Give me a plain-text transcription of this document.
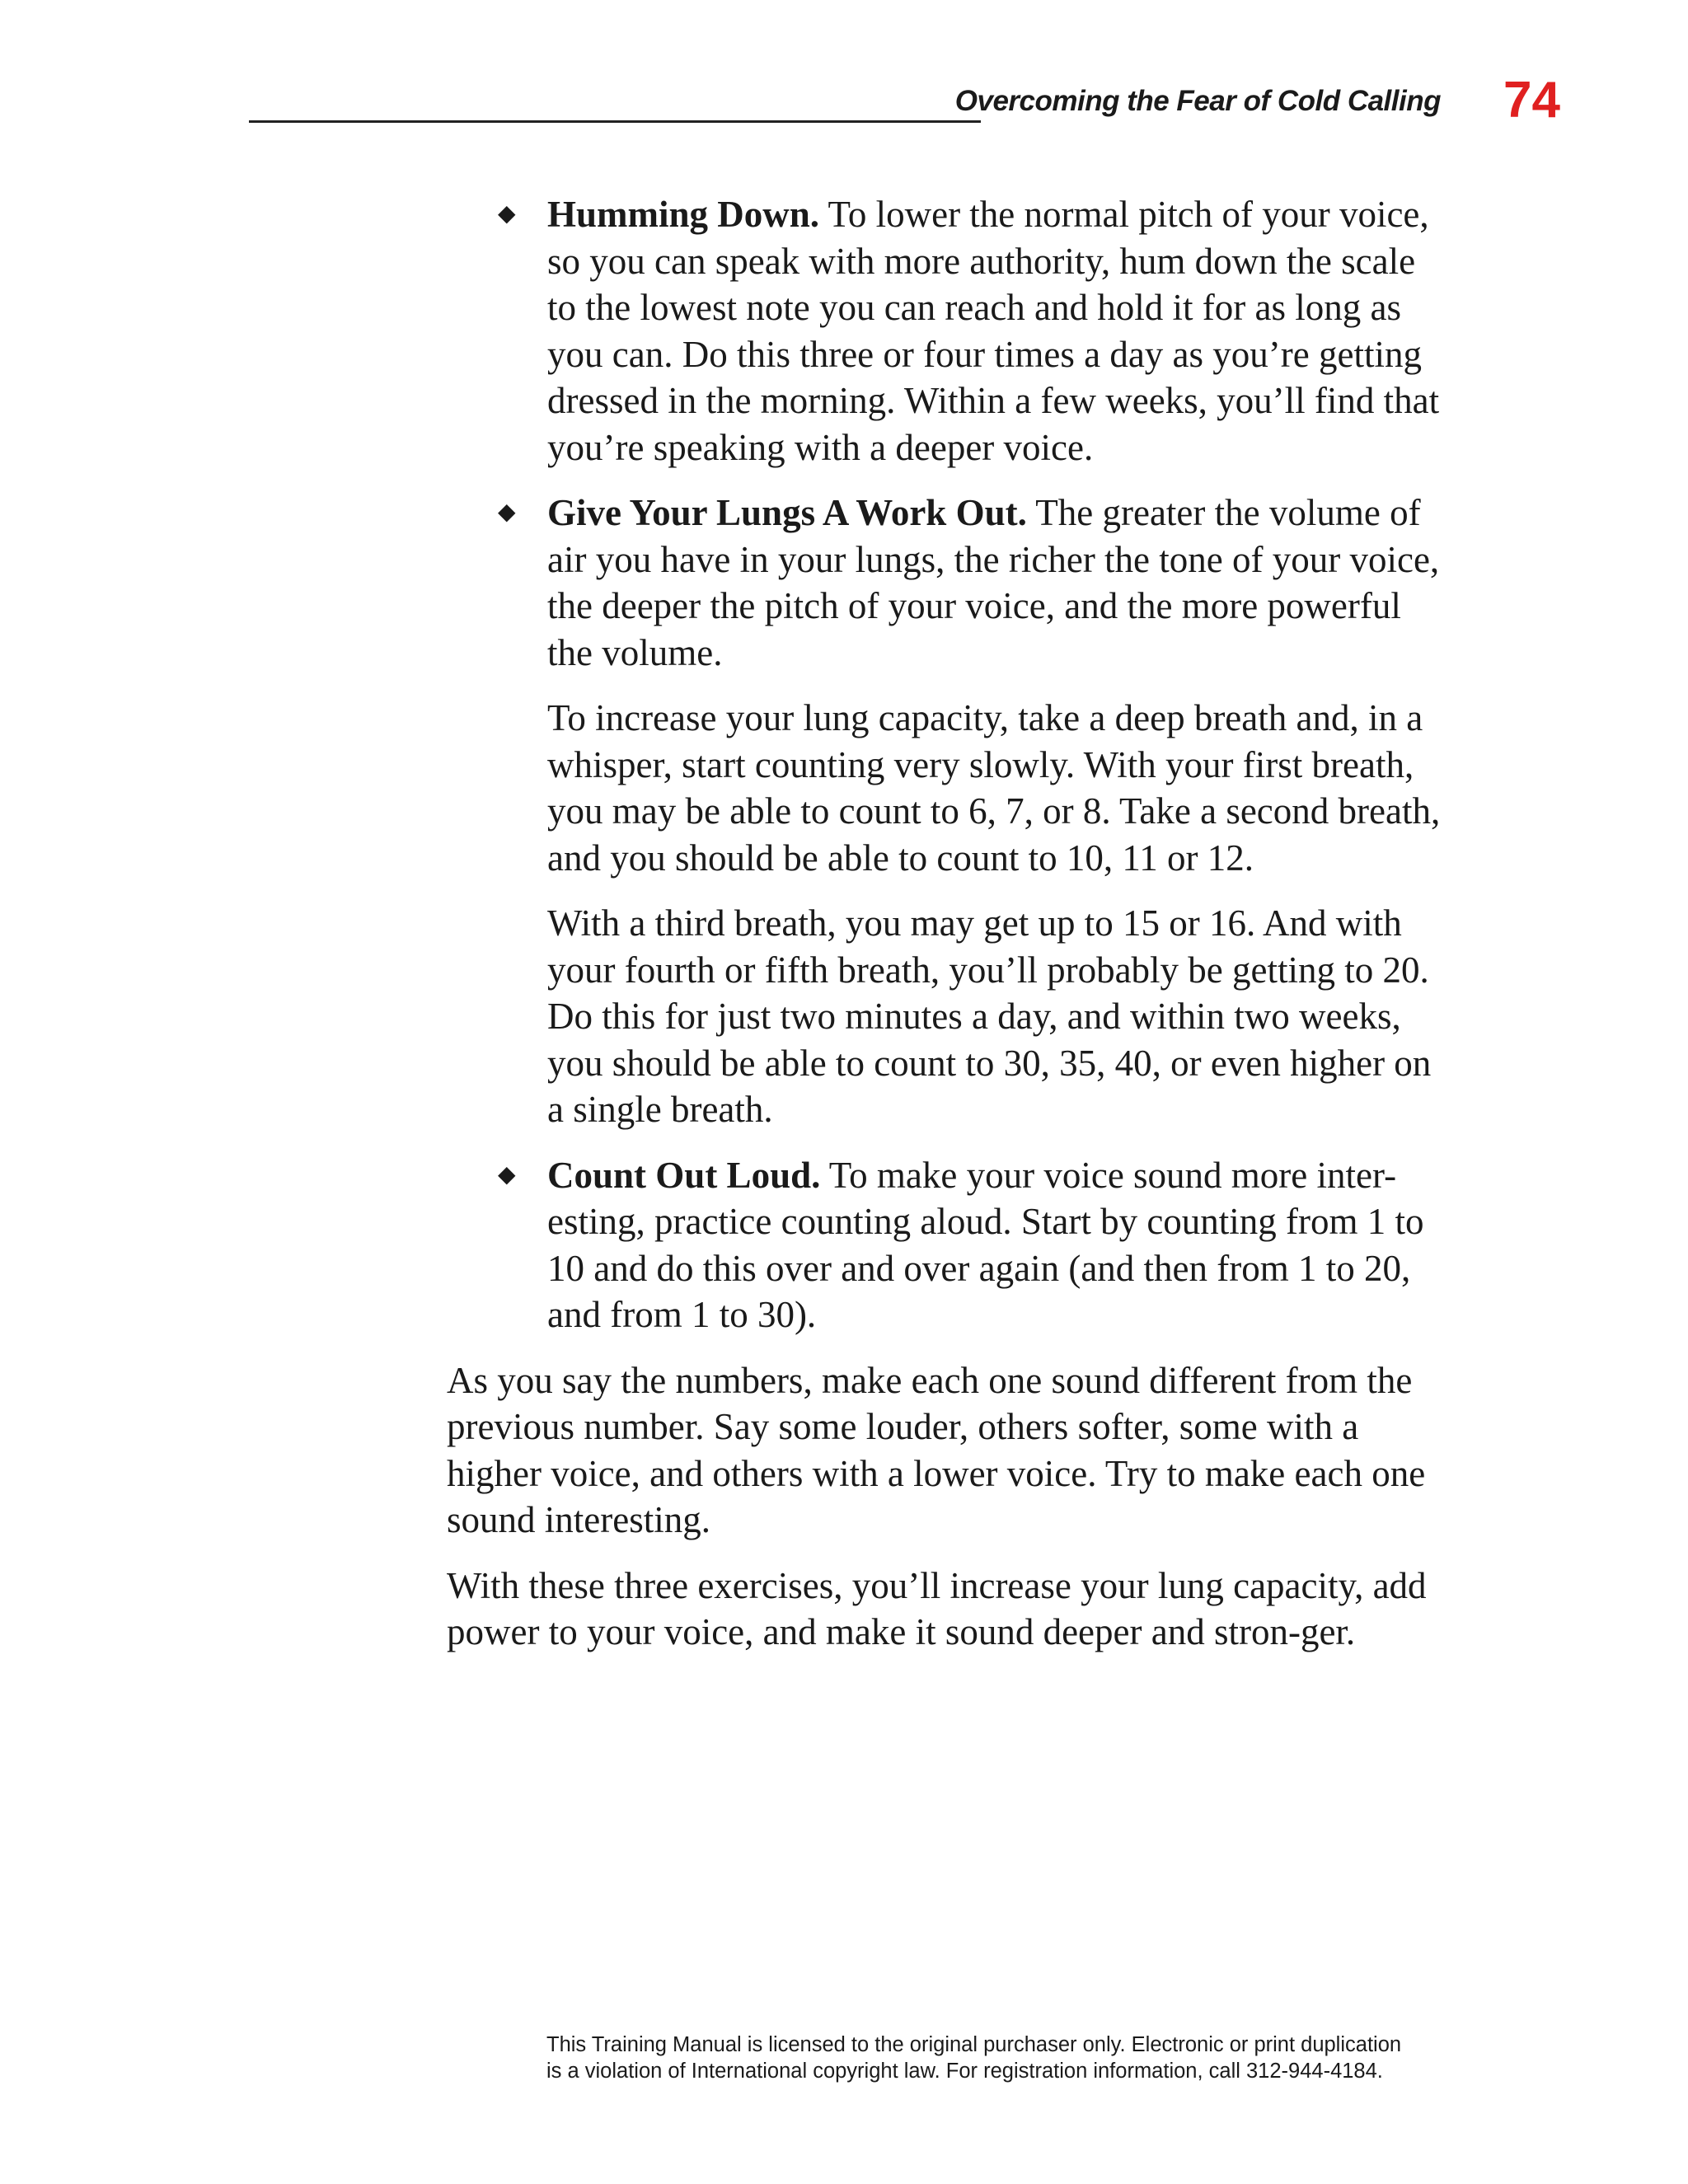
Overcoming the Fear of Cold Calling 74
◆ Humming Down. To lower the normal pitch of your voice, so you can speak with more authority, hum down the scale to the lowest note you can reach and hold it for as long as you can. Do this three or four times a day as you’re getting dressed in the morning. Within a few weeks, you’ll find that you’re speaking with a deeper voice.

◆ Give Your Lungs A Work Out. The greater the volume of air you have in your lungs, the richer the tone of your voice, the deeper the pitch of your voice, and the more powerful the volume.

To increase your lung capacity, take a deep breath and, in a whisper, start counting very slowly. With your first breath, you may be able to count to 6, 7, or 8. Take a second breath, and you should be able to count to 10, 11 or 12.

With a third breath, you may get up to 15 or 16. And with your fourth or fifth breath, you’ll probably be getting to 20. Do this for just two minutes a day, and within two weeks, you should be able to count to 30, 35, 40, or even higher on a single breath.

◆ Count Out Loud. To make your voice sound more inter-esting, practice counting aloud. Start by counting from 1 to 10 and do this over and over again (and then from 1 to 20, and from 1 to 30).

As you say the numbers, make each one sound different from the previous number. Say some louder, others softer, some with a higher voice, and others with a lower voice. Try to make each one sound interesting.

With these three exercises, you’ll increase your lung capacity, add power to your voice, and make it sound deeper and stron-ger.

This Training Manual is licensed to the original purchaser only. Electronic or print duplication
is a violation of International copyright law. For registration information, call 312-944-4184.
